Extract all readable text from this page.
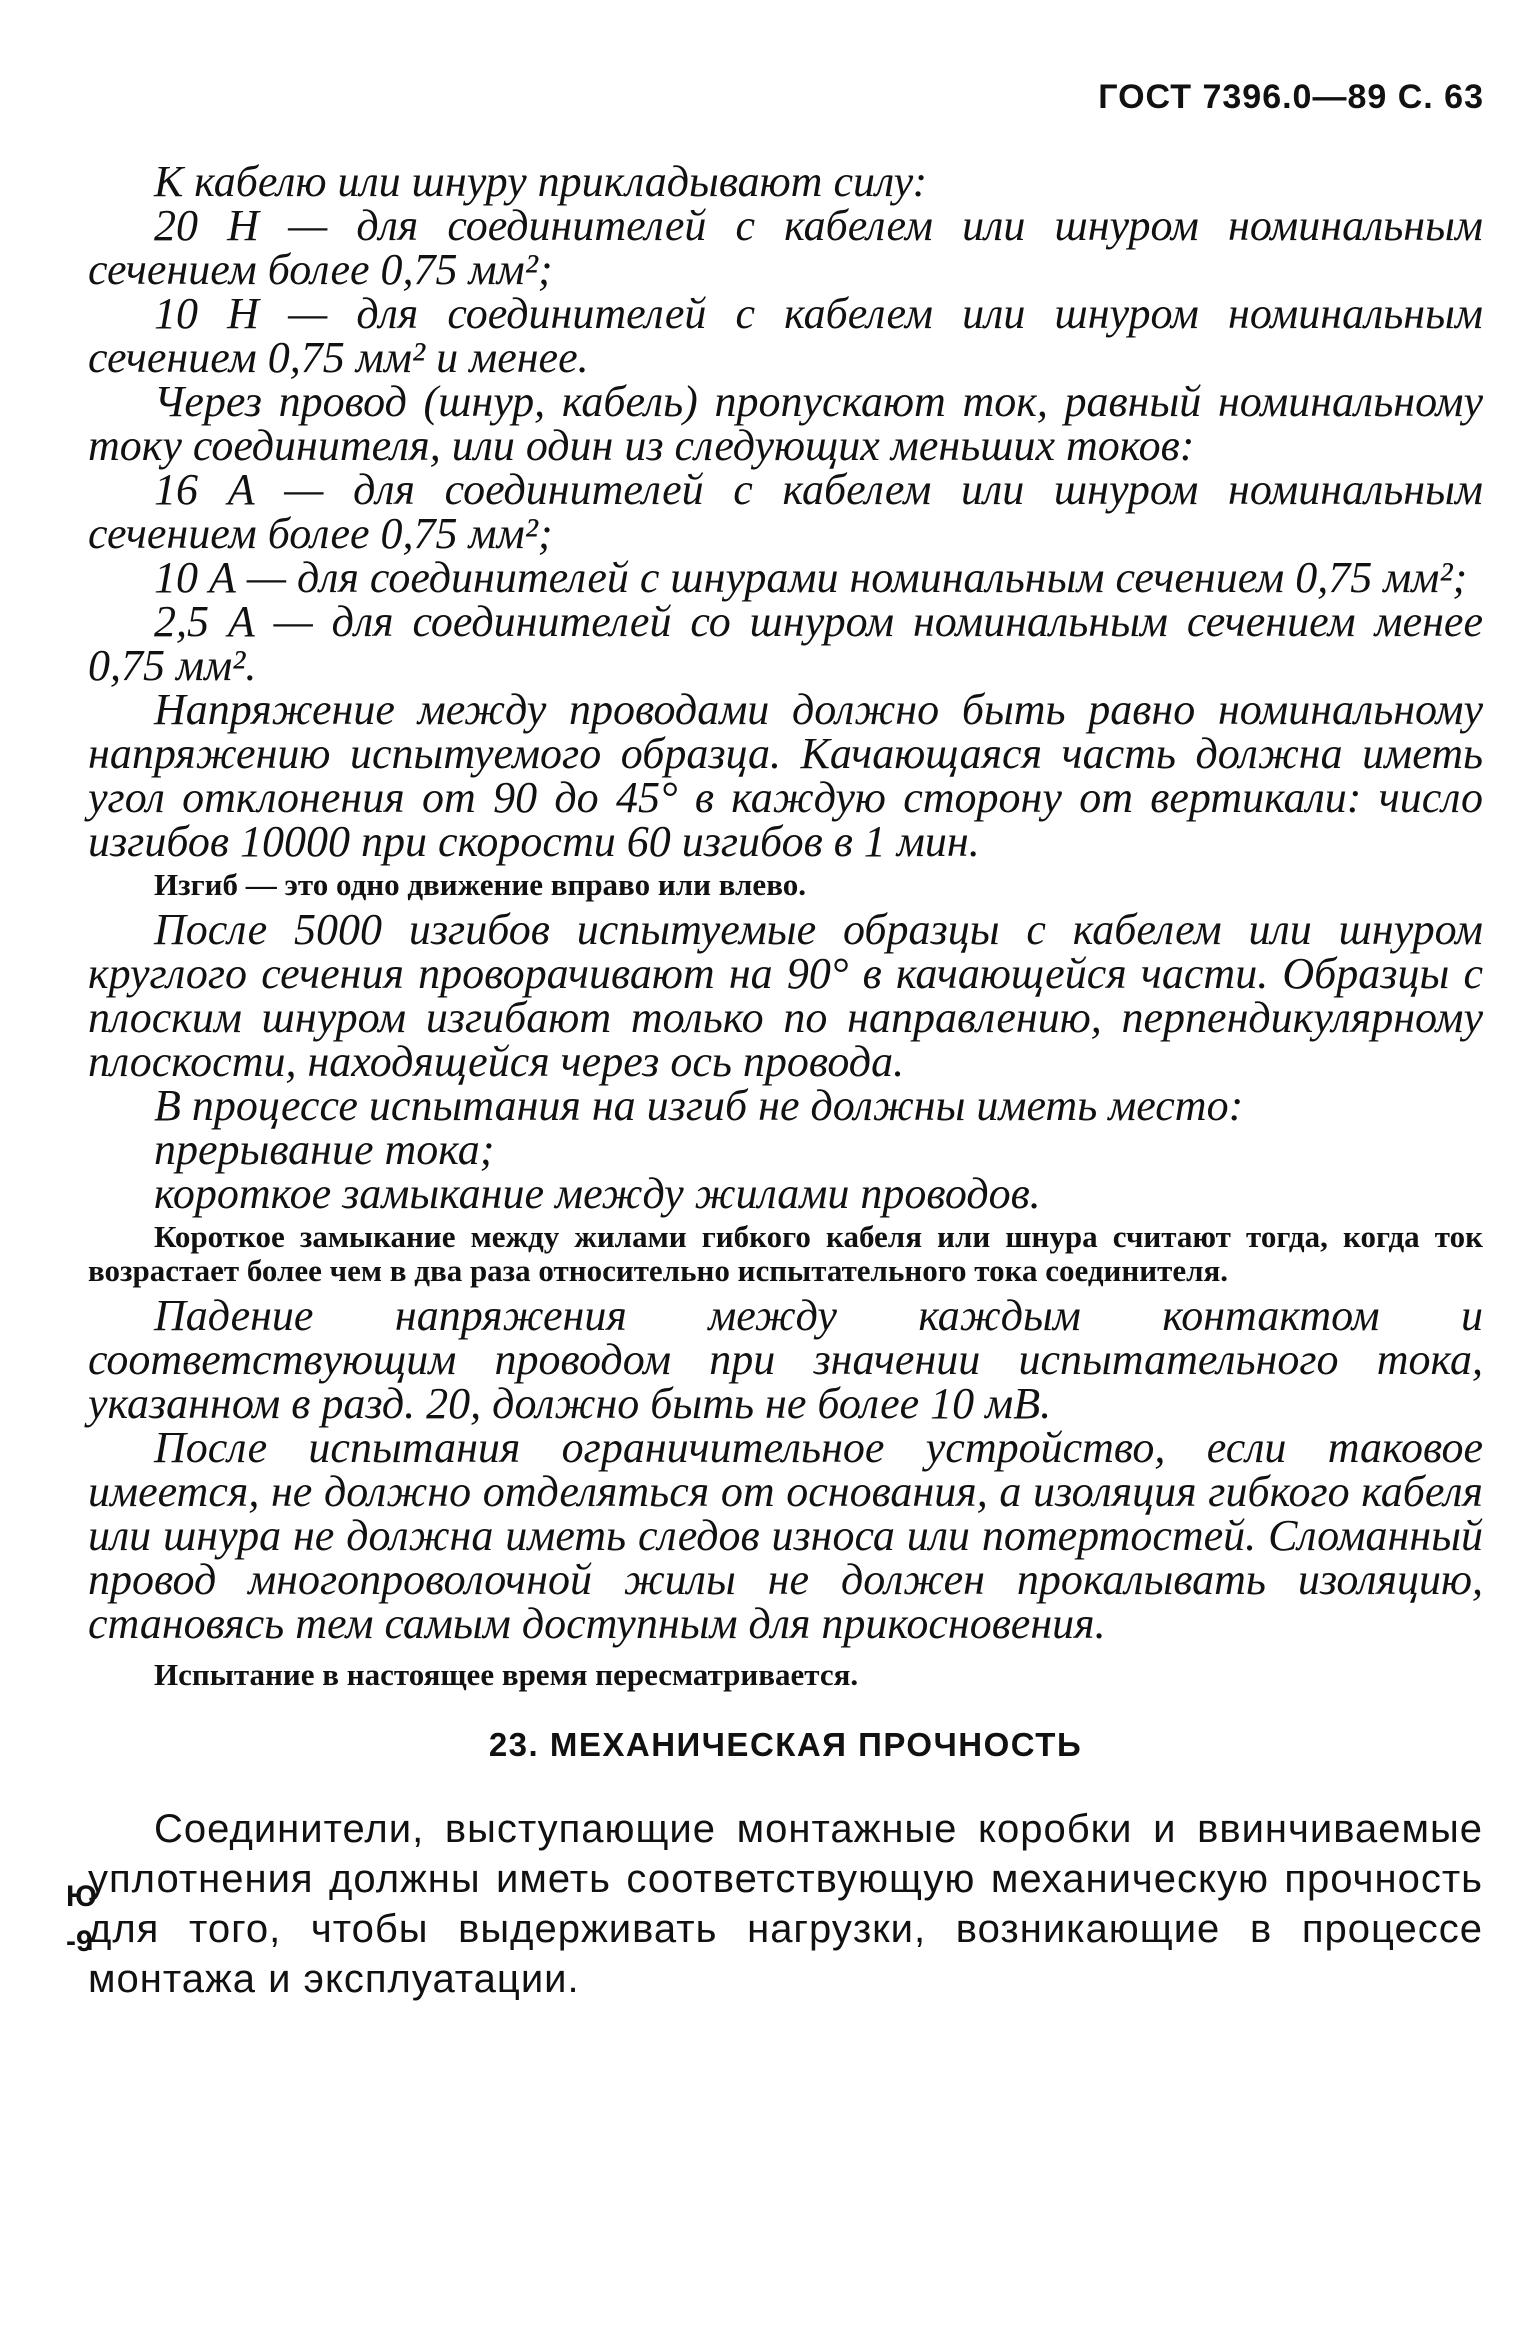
ГОСТ 7396.0—89 С. 63
Ю
-9

К кабелю или шнуру прикладывают силу:

20 Н — для соединителей с кабелем или шнуром номинальным сечением более 0,75 мм²;

10 Н — для соединителей с кабелем или шнуром номинальным сечением 0,75 мм² и менее.

Через провод (шнур, кабель) пропускают ток, равный номинальному току соединителя, или один из следующих меньших токов:

16 А — для соединителей с кабелем или шнуром номинальным сечением более 0,75 мм²;

10 А — для соединителей с шнурами номинальным сечением 0,75 мм²;

2,5 А — для соединителей со шнуром номинальным сечением менее 0,75 мм².

Напряжение между проводами должно быть равно номинальному напряжению испытуемого образца. Качающаяся часть должна иметь угол отклонения от 90 до 45° в каждую сторону от вертикали: число изгибов 10000 при скорости 60 изгибов в 1 мин.

Изгиб — это одно движение вправо или влево.

После 5000 изгибов испытуемые образцы с кабелем или шнуром круглого сечения проворачивают на 90° в качающейся части. Образцы с плоским шнуром изгибают только по направлению, перпендикулярному плоскости, находящейся через ось провода.

В процессе испытания на изгиб не должны иметь место:

прерывание тока;

короткое замыкание между жилами проводов.

Короткое замыкание между жилами гибкого кабеля или шнура считают тогда, когда ток возрастает более чем в два раза относительно испытательного тока соединителя.

Падение напряжения между каждым контактом и соответствующим проводом при значении испытательного тока, указанном в разд. 20, должно быть не более 10 мВ.

После испытания ограничительное устройство, если таковое имеется, не должно отделяться от основания, а изоляция гибкого кабеля или шнура не должна иметь следов износа или потертостей. Сломанный провод многопроволочной жилы не должен прокалывать изоляцию, становясь тем самым доступным для прикосновения.

Испытание в настоящее время пересматривается.

23. МЕХАНИЧЕСКАЯ ПРОЧНОСТЬ

Соединители, выступающие монтажные коробки и ввинчиваемые уплотнения должны иметь соответствующую механическую прочность для того, чтобы выдерживать нагрузки, возникающие в процессе монтажа и эксплуатации.
